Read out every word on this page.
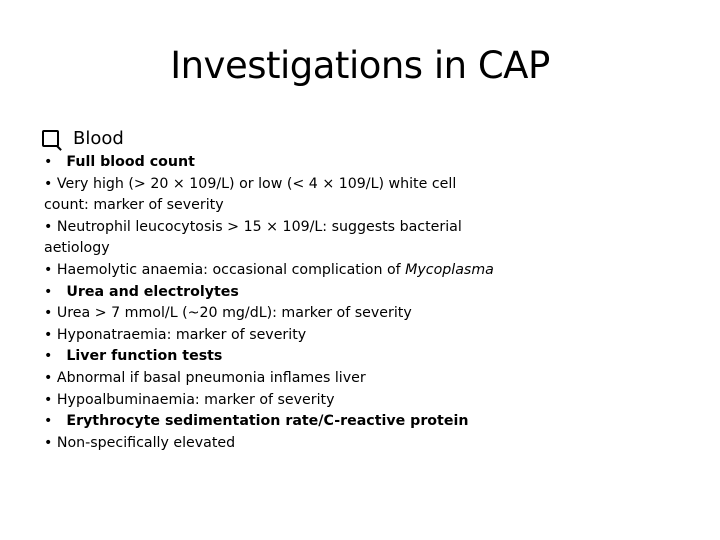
Investigations in CAP
Blood
• Full blood count
• Very high (> 20 × 109/L) or low (< 4 × 109/L) white cell
count: marker of severity
• Neutrophil leucocytosis > 15 × 109/L: suggests bacterial
aetiology
• Haemolytic anaemia: occasional complication of Mycoplasma
• Urea and electrolytes
• Urea > 7 mmol/L (~20 mg/dL): marker of severity
• Hyponatraemia: marker of severity
• Liver function tests
• Abnormal if basal pneumonia inflames liver
• Hypoalbuminaemia: marker of severity
• Erythrocyte sedimentation rate/C-reactive protein
• Non-specifically elevated
